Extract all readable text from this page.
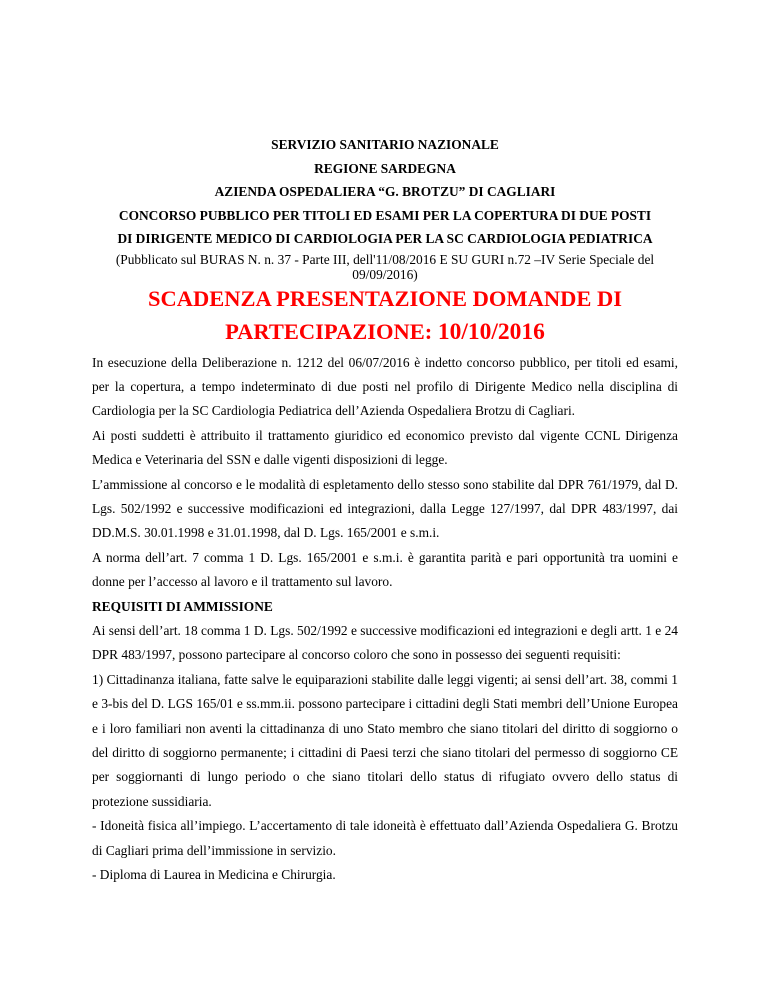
SERVIZIO SANITARIO NAZIONALE

REGIONE SARDEGNA

AZIENDA OSPEDALIERA “G. BROTZU” DI CAGLIARI

CONCORSO PUBBLICO PER TITOLI ED ESAMI PER LA COPERTURA DI DUE POSTI

DI DIRIGENTE MEDICO DI CARDIOLOGIA PER LA SC CARDIOLOGIA PEDIATRICA

(Pubblicato sul BURAS N. n. 37 - Parte III, dell'11/08/2016 E SU GURI n.72 –IV Serie Speciale del 09/09/2016)

SCADENZA PRESENTAZIONE DOMANDE DI

PARTECIPAZIONE: 10/10/2016

In esecuzione della Deliberazione n. 1212 del 06/07/2016 è indetto concorso pubblico, per titoli ed esami, per la copertura, a tempo indeterminato di due posti nel profilo di Dirigente Medico nella disciplina di Cardiologia per la SC Cardiologia Pediatrica dell’Azienda Ospedaliera Brotzu di Cagliari.

Ai posti suddetti è attribuito il trattamento giuridico ed economico previsto dal vigente CCNL Dirigenza Medica e Veterinaria del SSN e dalle vigenti disposizioni di legge.

L’ammissione al concorso e le modalità di espletamento dello stesso sono stabilite dal DPR 761/1979, dal D. Lgs. 502/1992 e successive modificazioni ed integrazioni, dalla Legge 127/1997, dal DPR 483/1997, dai DD.M.S. 30.01.1998 e 31.01.1998, dal D. Lgs. 165/2001 e s.m.i.

A norma dell’art. 7 comma 1 D. Lgs. 165/2001 e s.m.i. è garantita parità e pari opportunità tra uomini e donne per l’accesso al lavoro e il trattamento sul lavoro.

REQUISITI DI AMMISSIONE

Ai sensi dell’art. 18 comma 1 D. Lgs. 502/1992 e successive modificazioni ed integrazioni e degli artt. 1 e 24 DPR 483/1997, possono partecipare al concorso coloro che sono in possesso dei seguenti requisiti:

1) Cittadinanza italiana, fatte salve le equiparazioni stabilite dalle leggi vigenti; ai sensi dell’art. 38, commi 1 e 3-bis del D. LGS 165/01 e ss.mm.ii. possono partecipare i cittadini degli Stati membri dell’Unione Europea e i loro familiari non aventi la cittadinanza di uno Stato membro che siano titolari del diritto di soggiorno o del diritto di soggiorno permanente; i cittadini di Paesi terzi che siano titolari del permesso di soggiorno CE per soggiornanti di lungo periodo o che siano titolari dello status di rifugiato ovvero dello status di protezione sussidiaria.

- Idoneità fisica all’impiego. L’accertamento di tale idoneità è effettuato dall’Azienda Ospedaliera G. Brotzu di Cagliari prima dell’immissione in servizio.

- Diploma di Laurea in Medicina e Chirurgia.
